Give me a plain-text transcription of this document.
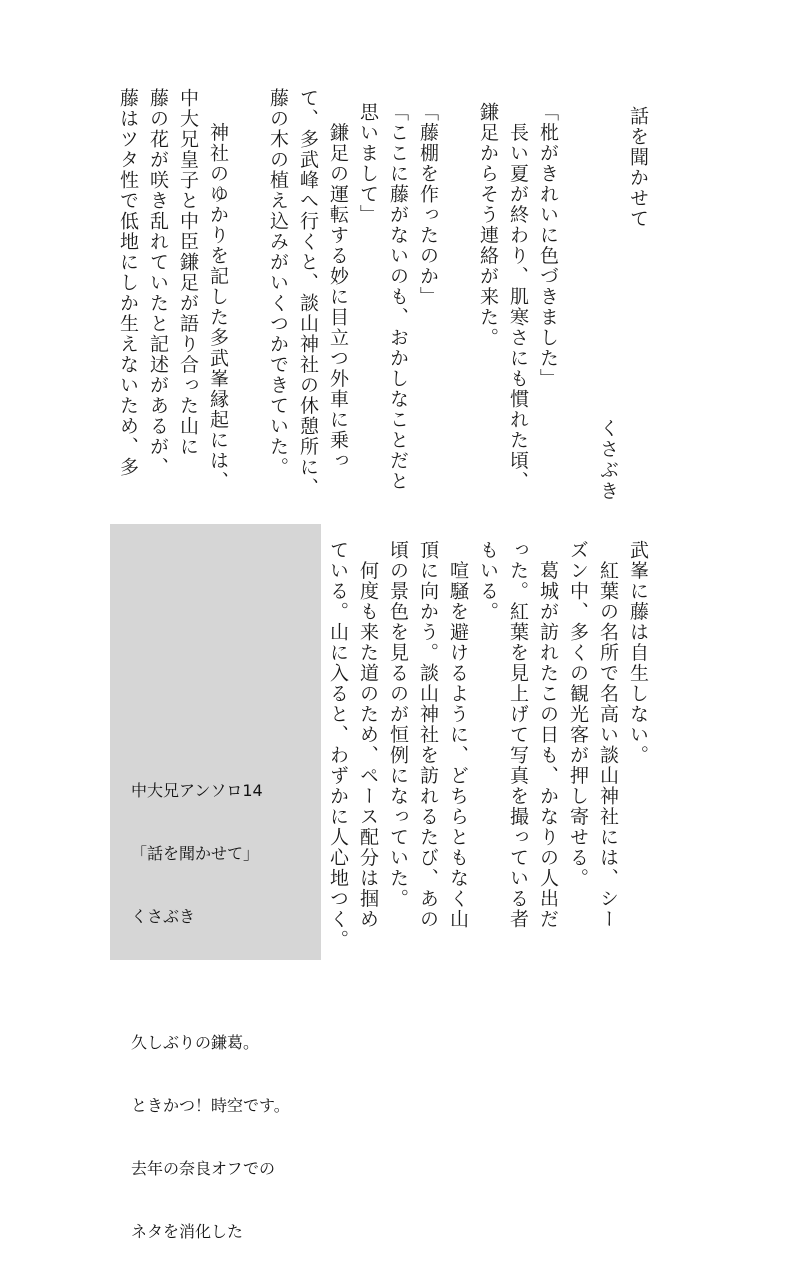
話を聞かせて
くさぶき
「枇がきれいに色づきました」
　長い夏が終わり、肌寒さにも慣れた頃、
鎌足からそう連絡が来た。
「藤棚を作ったのか」
「ここに藤がないのも、おかしなことだと
思いまして」
　鎌足の運転する妙に目立つ外車に乗っ
て、多武峰へ行くと、談山神社の休憩所に、
藤の木の植え込みがいくつかできていた。
　神社のゆかりを記した多武峯縁起には、
中大兄皇子と中臣鎌足が語り合った山に
藤の花が咲き乱れていたと記述があるが、
藤はツタ性で低地にしか生えないため、多
武峯に藤は自生しない。
　紅葉の名所で名高い談山神社には、シー
ズン中、多くの観光客が押し寄せる。
　葛城が訪れたこの日も、かなりの人出だ
った。紅葉を見上げて写真を撮っている者
もいる。
　喧騒を避けるように、どちらともなく山
頂に向かう。談山神社を訪れるたび、あの
頃の景色を見るのが恒例になっていた。
　何度も来た道のため、ペース配分は掴め
ている。山に入ると、わずかに人心地つく。

中大兄アンソロ14

「話を聞かせて」

くさぶき

久しぶりの鎌葛。

ときかつ！時空です。

去年の奈良オフでの

ネタを消化した
